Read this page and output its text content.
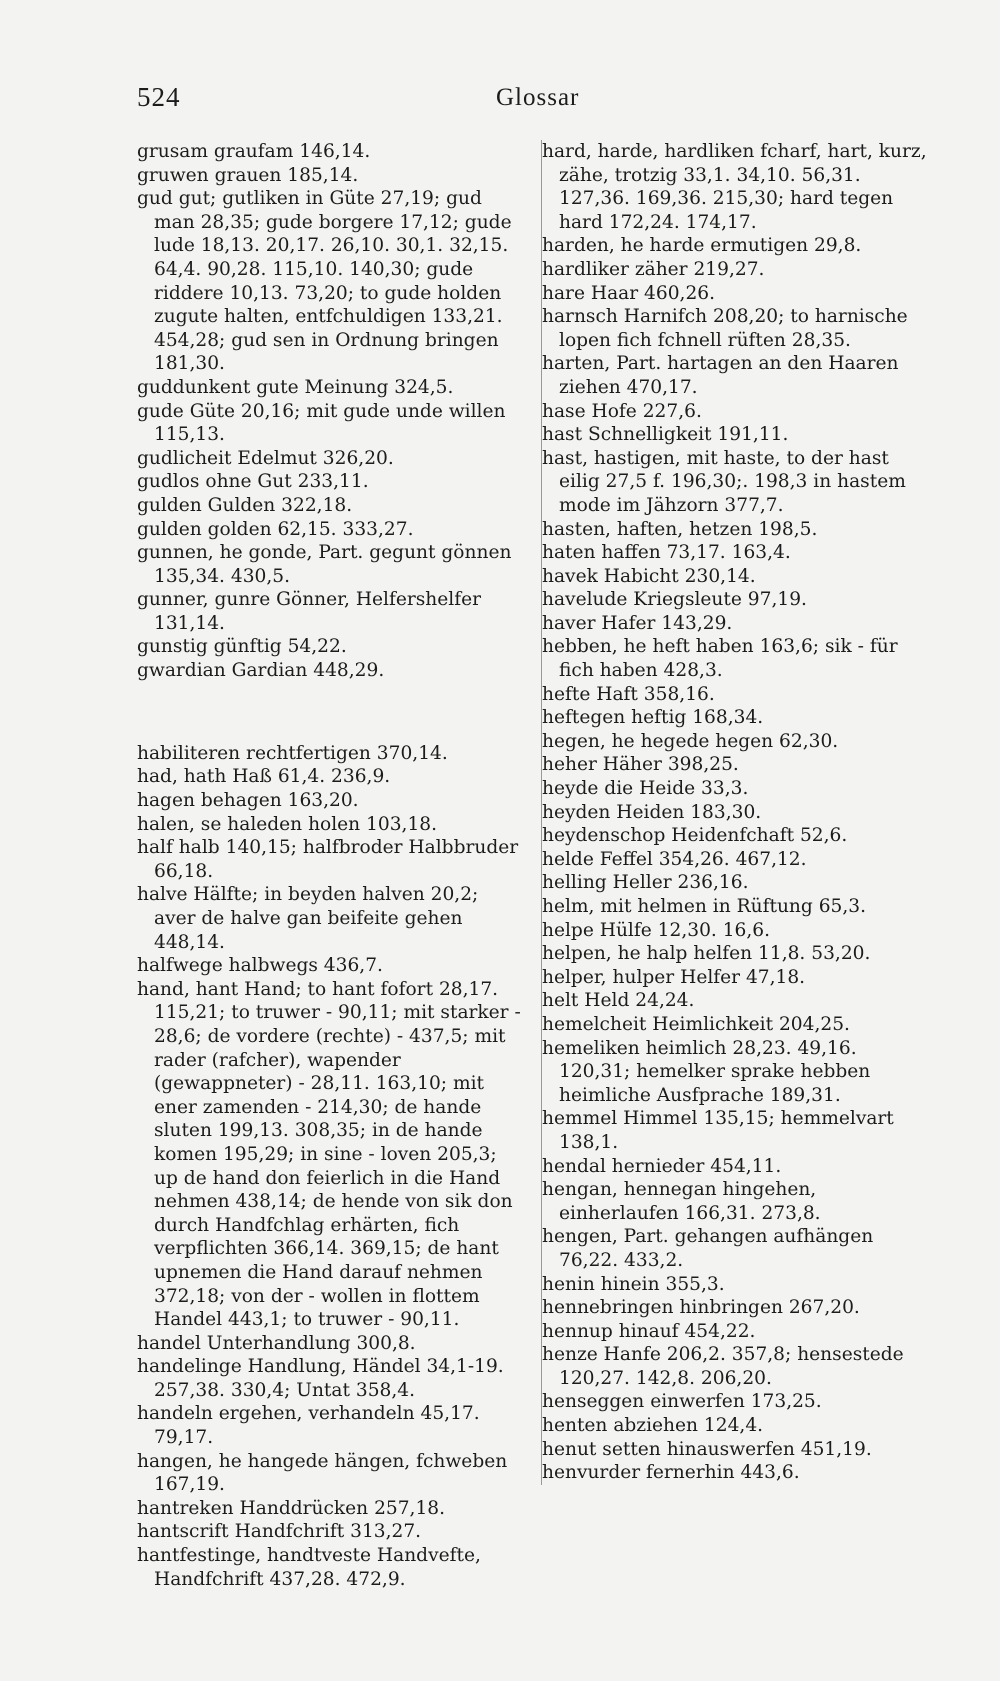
524	Glossar

grusam graufam 146,14.

gruwen grauen 185,14.

gud gut; gutliken in Güte 27,19; gud man 28,35; gude borgere 17,12; gude lude 18,13. 20,17. 26,10. 30,1. 32,15. 64,4. 90,28. 115,10. 140,30; gude riddere 10,13. 73,20; to gude holden zugute halten, entfchuldigen 133,21. 454,28; gud sen in Ordnung bringen 181,30.

guddunkent gute Meinung 324,5.

gude Güte 20,16; mit gude unde willen 115,13.

gudlicheit Edelmut 326,20.

gudlos ohne Gut 233,11.

gulden Gulden 322,18.

gulden golden 62,15. 333,27.

gunnen, he gonde, Part. gegunt gönnen 135,34. 430,5.

gunner, gunre Gönner, Helfershelfer 131,14.

gunstig günftig 54,22.

gwardian Gardian 448,29.

habiliteren rechtfertigen 370,14.

had, hath Haß 61,4. 236,9.

hagen behagen 163,20.

halen, se haleden holen 103,18.

half halb 140,15; halfbroder Halbbruder 66,18.

halve Hälfte; in beyden halven 20,2; aver de halve gan beifeite gehen 448,14.

halfwege halbwegs 436,7.

hand, hant Hand; to hant fofort 28,17. 115,21; to truwer - 90,11; mit starker - 28,6; de vordere (rechte) - 437,5; mit rader (rafcher), wapender (gewappneter) - 28,11. 163,10; mit ener zamenden - 214,30; de hande sluten 199,13. 308,35; in de hande komen 195,29; in sine - loven 205,3; up de hand don feierlich in die Hand nehmen 438,14; de hende von sik don durch Handfchlag erhärten, fich verpflichten 366,14. 369,15; de hant upnemen die Hand darauf nehmen 372,18; von der - wollen in flottem Handel 443,1; to truwer - 90,11.

handel Unterhandlung 300,8.

handelinge Handlung, Händel 34,1-19. 257,38. 330,4; Untat 358,4.

handeln ergehen, verhandeln 45,17. 79,17.

hangen, he hangede hängen, fchweben 167,19.

hantreken Handdrücken 257,18.

hantscrift Handfchrift 313,27.

hantfestinge, handtveste Handvefte, Handfchrift 437,28. 472,9.

hard, harde, hardliken fcharf, hart, kurz, zähe, trotzig 33,1. 34,10. 56,31. 127,36. 169,36. 215,30; hard tegen hard 172,24. 174,17.

harden, he harde ermutigen 29,8.

hardliker zäher 219,27.

hare Haar 460,26.

harnsch Harnifch 208,20; to harnische lopen fich fchnell rüften 28,35.

harten, Part. hartagen an den Haaren ziehen 470,17.

hase Hofe 227,6.

hast Schnelligkeit 191,11.

hast, hastigen, mit haste, to der hast eilig 27,5 f. 196,30;. 198,3 in hastem mode im Jähzorn 377,7.

hasten, haften, hetzen 198,5.

haten haffen 73,17. 163,4.

havek Habicht 230,14.

havelude Kriegsleute 97,19.

haver Hafer 143,29.

hebben, he heft haben 163,6; sik - für fich haben 428,3.

hefte Haft 358,16.

heftegen heftig 168,34.

hegen, he hegede hegen 62,30.

heher Häher 398,25.

heyde die Heide 33,3.

heyden Heiden 183,30.

heydenschop Heidenfchaft 52,6.

helde Feffel 354,26. 467,12.

helling Heller 236,16.

helm, mit helmen in Rüftung 65,3.

helpe Hülfe 12,30. 16,6.

helpen, he halp helfen 11,8. 53,20.

helper, hulper Helfer 47,18.

helt Held 24,24.

hemelcheit Heimlichkeit 204,25.

hemeliken heimlich 28,23. 49,16. 120,31; hemelker sprake hebben heimliche Ausfprache 189,31.

hemmel Himmel 135,15; hemmelvart 138,1.

hendal hernieder 454,11.

hengan, hennegan hingehen, einherlaufen 166,31. 273,8.

hengen, Part. gehangen aufhängen 76,22. 433,2.

henin hinein 355,3.

hennebringen hinbringen 267,20.

hennup hinauf 454,22.

henze Hanfe 206,2. 357,8; hensestede 120,27. 142,8. 206,20.

henseggen einwerfen 173,25.

henten abziehen 124,4.

henut setten hinauswerfen 451,19.

henvurder fernerhin 443,6.
